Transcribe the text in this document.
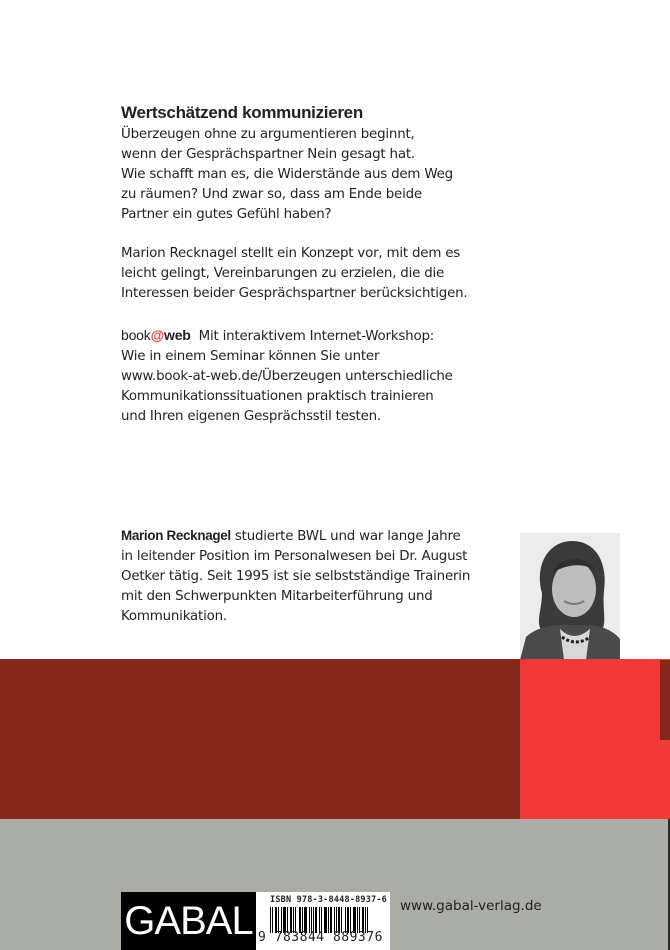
Wertschätzend kommunizieren

Überzeugen ohne zu argumentieren beginnt,

wenn der Gesprächspartner Nein gesagt hat.

Wie schafft man es, die Widerstände aus dem Weg

zu räumen? Und zwar so, dass am Ende beide

Partner ein gutes Gefühl haben?

Marion Recknagel stellt ein Konzept vor, mit dem es

leicht gelingt, Vereinbarungen zu erzielen, die die

Interessen beider Gesprächspartner berücksichtigen.

book@web Mit interaktivem Internet-Workshop:

Wie in einem Seminar können Sie unter

www.book-at-web.de/Überzeugen unterschiedliche

Kommunikationssituationen praktisch trainieren

und Ihren eigenen Gesprächsstil testen.

Marion Recknagel studierte BWL und war lange Jahre

in leitender Position im Personalwesen bei Dr. August

Oetker tätig. Seit 1995 ist sie selbstständige Trainerin

mit den Schwerpunkten Mitarbeiterführung und

Kommunikation.

GABAL	ISBN 978-3-8448-8937-6
9 783844 889376
www.gabal-verlag.de
